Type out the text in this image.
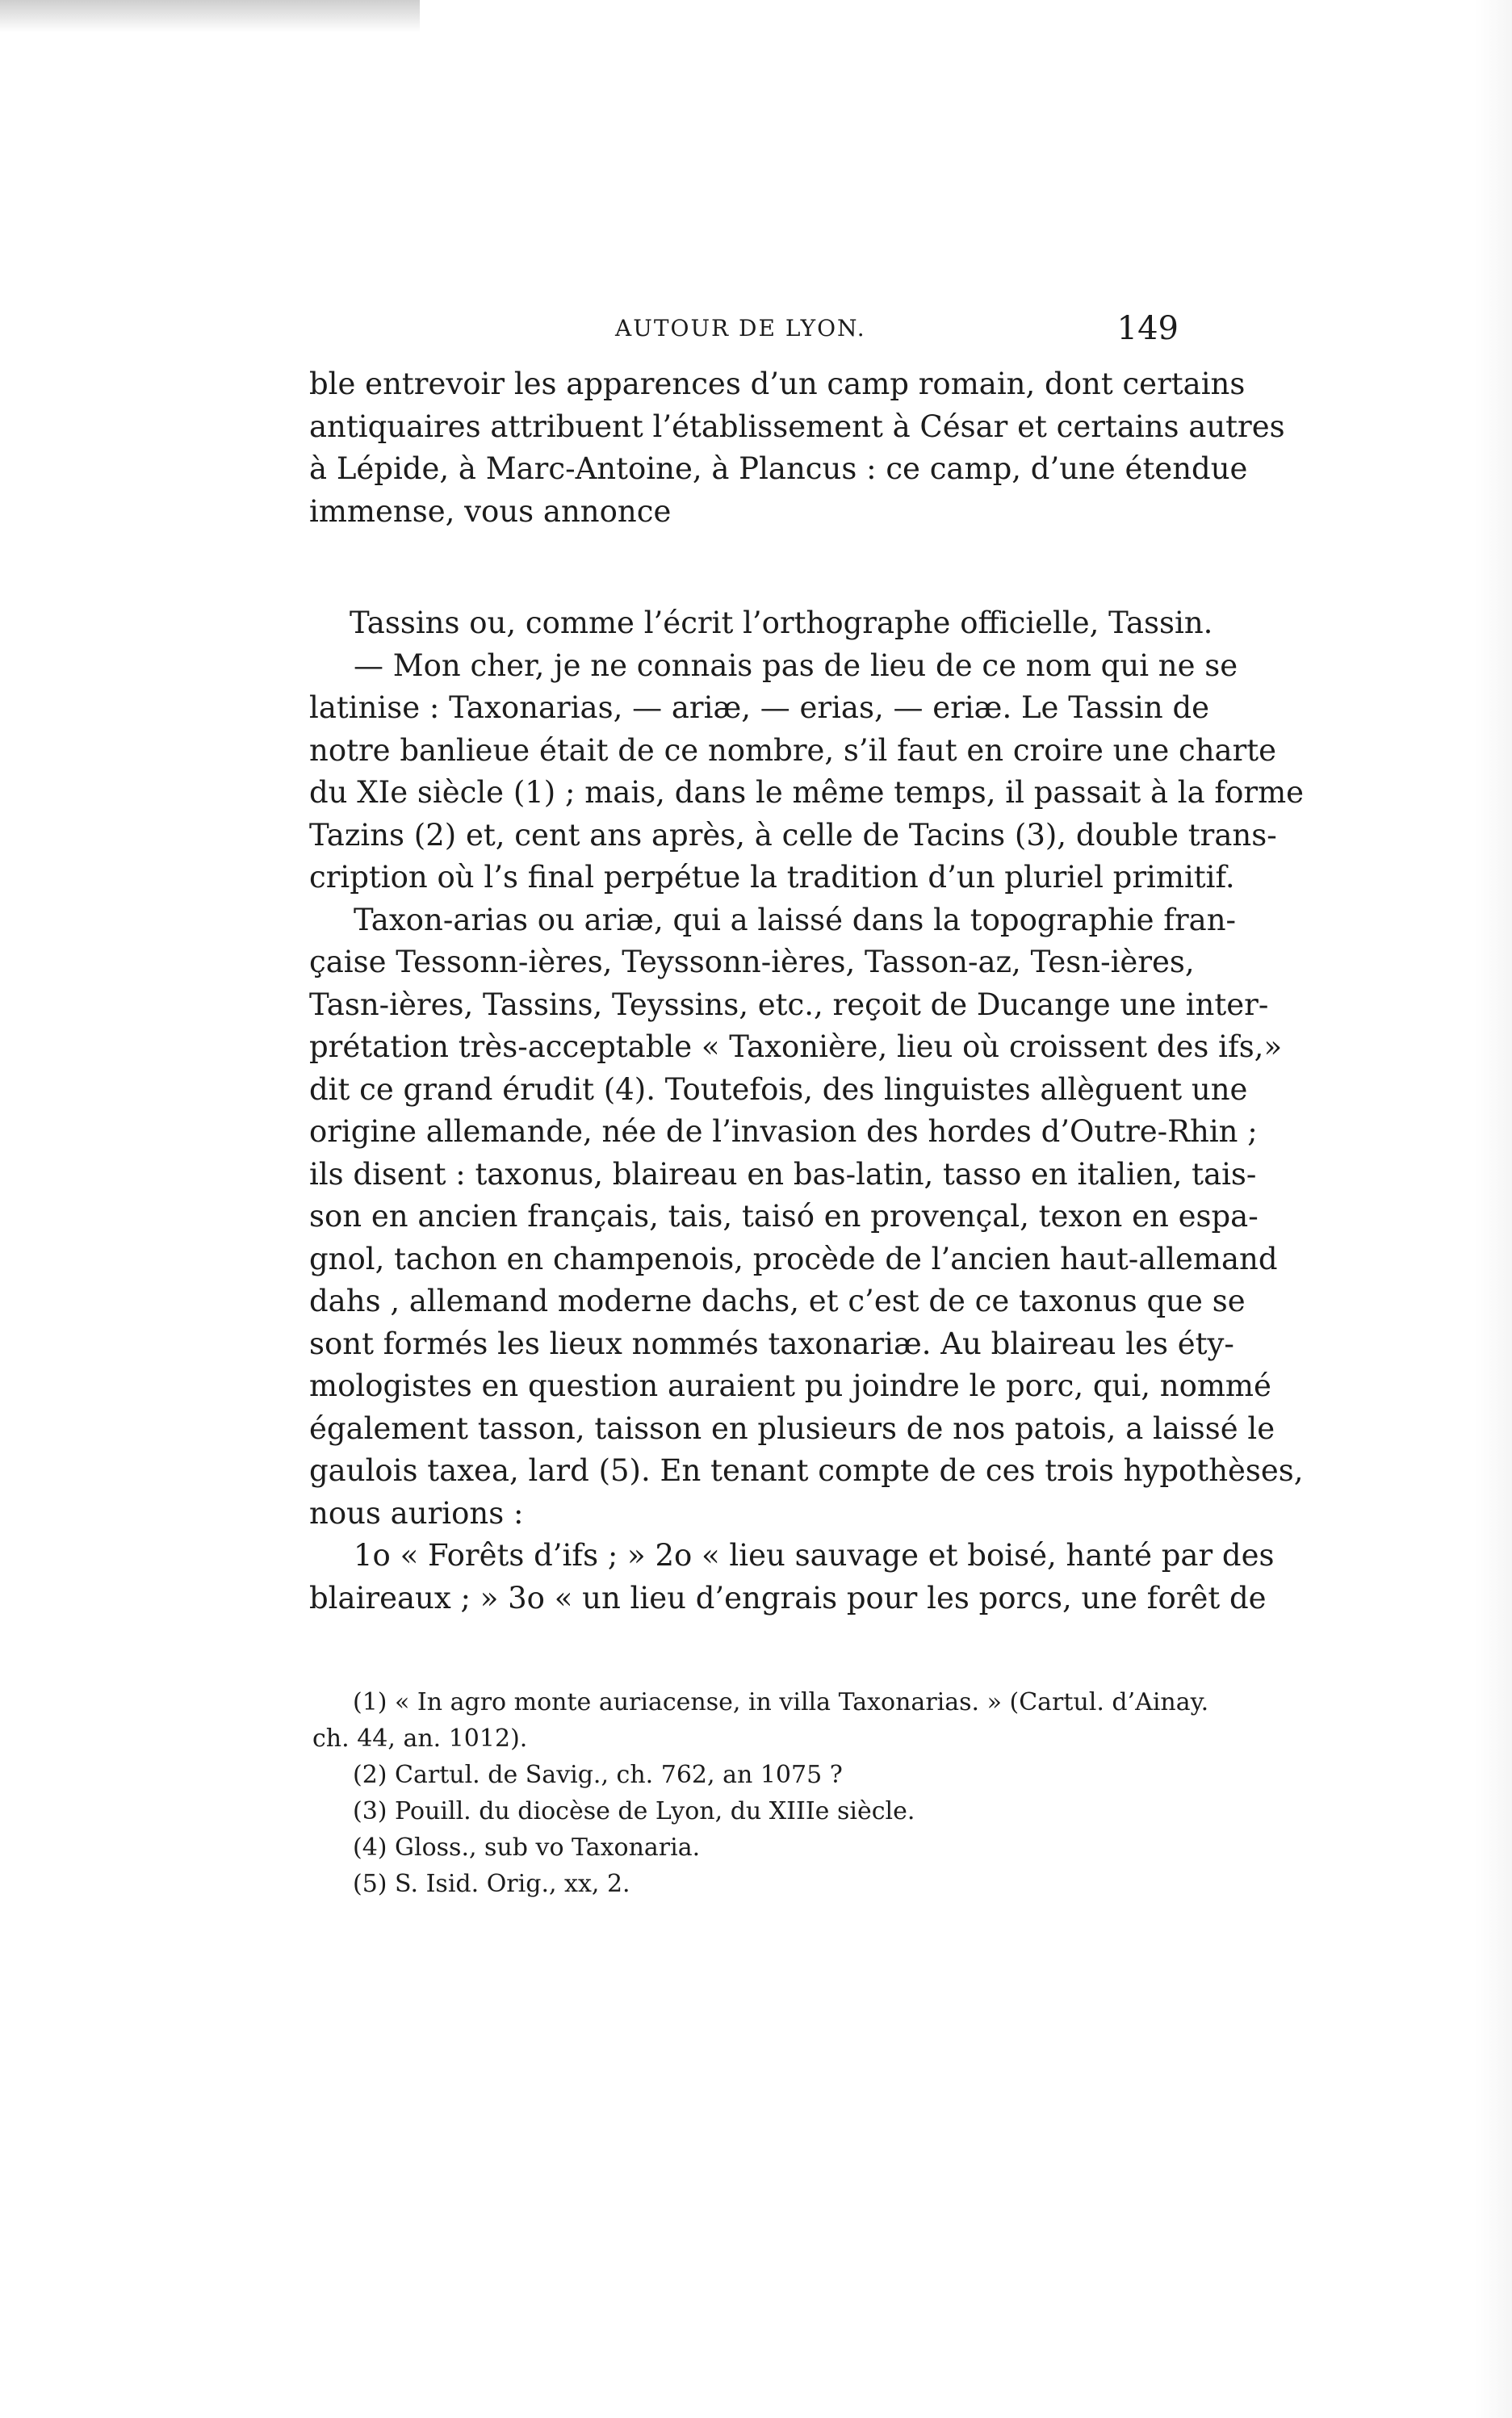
AUTOUR DE LYON.	149
ble entrevoir les apparences d’un camp romain, dont certains
antiquaires attribuent l’établissement à César et certains autres
à Lépide, à Marc-Antoine, à Plancus : ce camp, d’une étendue
immense, vous annonce
Tassins ou, comme l’écrit l’orthographe officielle, Tassin.
— Mon cher, je ne connais pas de lieu de ce nom qui ne se
latinise : Taxonarias, — ariæ, — erias, — eriæ. Le Tassin de
notre banlieue était de ce nombre, s’il faut en croire une charte
du XIe siècle (1) ; mais, dans le même temps, il passait à la forme
Tazins (2) et, cent ans après, à celle de Tacins (3), double trans-
cription où l’s final perpétue la tradition d’un pluriel primitif.
Taxon-arias ou ariæ, qui a laissé dans la topographie fran-
çaise Tessonn-ières, Teyssonn-ières, Tasson-az, Tesn-ières,
Tasn-ières, Tassins, Teyssins, etc., reçoit de Ducange une inter-
prétation très-acceptable « Taxonière, lieu où croissent des ifs,»
dit ce grand érudit (4). Toutefois, des linguistes allèguent une
origine allemande, née de l’invasion des hordes d’Outre-Rhin ;
ils disent : taxonus, blaireau en bas-latin, tasso en italien, tais-
son en ancien français, tais, taisó en provençal, texon en espa-
gnol, tachon en champenois, procède de l’ancien haut-allemand
dahs , allemand moderne dachs, et c’est de ce taxonus que se
sont formés les lieux nommés taxonariæ. Au blaireau les éty-
mologistes en question auraient pu joindre le porc, qui, nommé
également tasson, taisson en plusieurs de nos patois, a laissé le
gaulois taxea, lard (5). En tenant compte de ces trois hypothèses,
nous aurions :
1o « Forêts d’ifs ; » 2o « lieu sauvage et boisé, hanté par des
blaireaux ; » 3o « un lieu d’engrais pour les porcs, une forêt de
(1) « In agro monte auriacense, in villa Taxonarias. » (Cartul. d’Ainay.
ch. 44, an. 1012).
(2) Cartul. de Savig., ch. 762, an 1075 ?
(3) Pouill. du diocèse de Lyon, du XIIIe siècle.
(4) Gloss., sub vo Taxonaria.
(5) S. Isid. Orig., xx, 2.
